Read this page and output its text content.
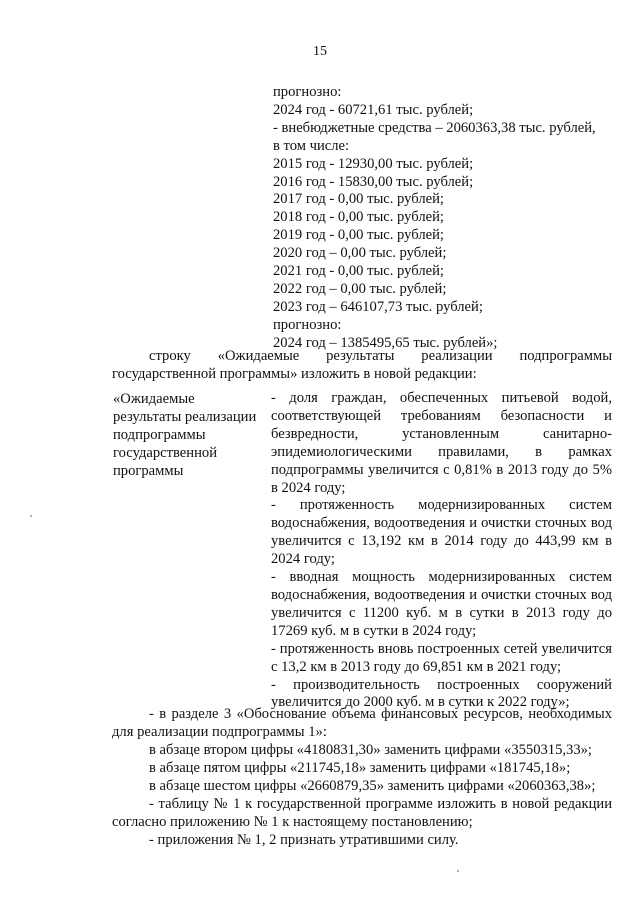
15
прогнозно:
2024 год - 60721,61 тыс. рублей;
- внебюджетные средства – 2060363,38 тыс. рублей,
в том числе:
2015 год - 12930,00 тыс. рублей;
2016 год - 15830,00 тыс. рублей;
2017 год - 0,00 тыс. рублей;
2018 год - 0,00 тыс. рублей;
2019 год - 0,00 тыс. рублей;
2020 год – 0,00 тыс. рублей;
2021 год - 0,00 тыс. рублей;
2022 год – 0,00 тыс. рублей;
2023 год – 646107,73 тыс. рублей;
прогнозно:
2024 год – 1385495,65 тыс. рублей»;
строку «Ожидаемые результаты реализации подпрограммы государственной программы» изложить в новой редакции:
«Ожидаемые результаты реализации подпрограммы государственной программы
- доля граждан, обеспеченных питьевой водой, соответствующей требованиям безопасности и безвредности, установленным санитарно-эпидемиологическими правилами, в рамках подпрограммы увеличится с 0,81% в 2013 году до 5% в 2024 году;
- протяженность модернизированных систем водоснабжения, водоотведения и очистки сточных вод увеличится с 13,192 км в 2014 году до 443,99 км в 2024 году;
- вводная мощность модернизированных систем водоснабжения, водоотведения и очистки сточных вод увеличится с 11200 куб. м в сутки в 2013 году до 17269 куб. м в сутки в 2024 году;
- протяженность вновь построенных сетей увеличится с 13,2 км в 2013 году до 69,851 км в 2021 году;
- производительность построенных сооружений увеличится до 2000 куб. м в сутки к 2022 году»;
- в разделе 3 «Обоснование объема финансовых ресурсов, необходимых для реализации подпрограммы 1»:
в абзаце втором цифры «4180831,30» заменить цифрами «3550315,33»;
в абзаце пятом цифры «211745,18» заменить цифрами «181745,18»;
в абзаце шестом цифры «2660879,35» заменить цифрами «2060363,38»;
- таблицу № 1 к государственной программе изложить в новой редакции согласно приложению № 1 к настоящему постановлению;
- приложения № 1, 2 признать утратившими силу.
